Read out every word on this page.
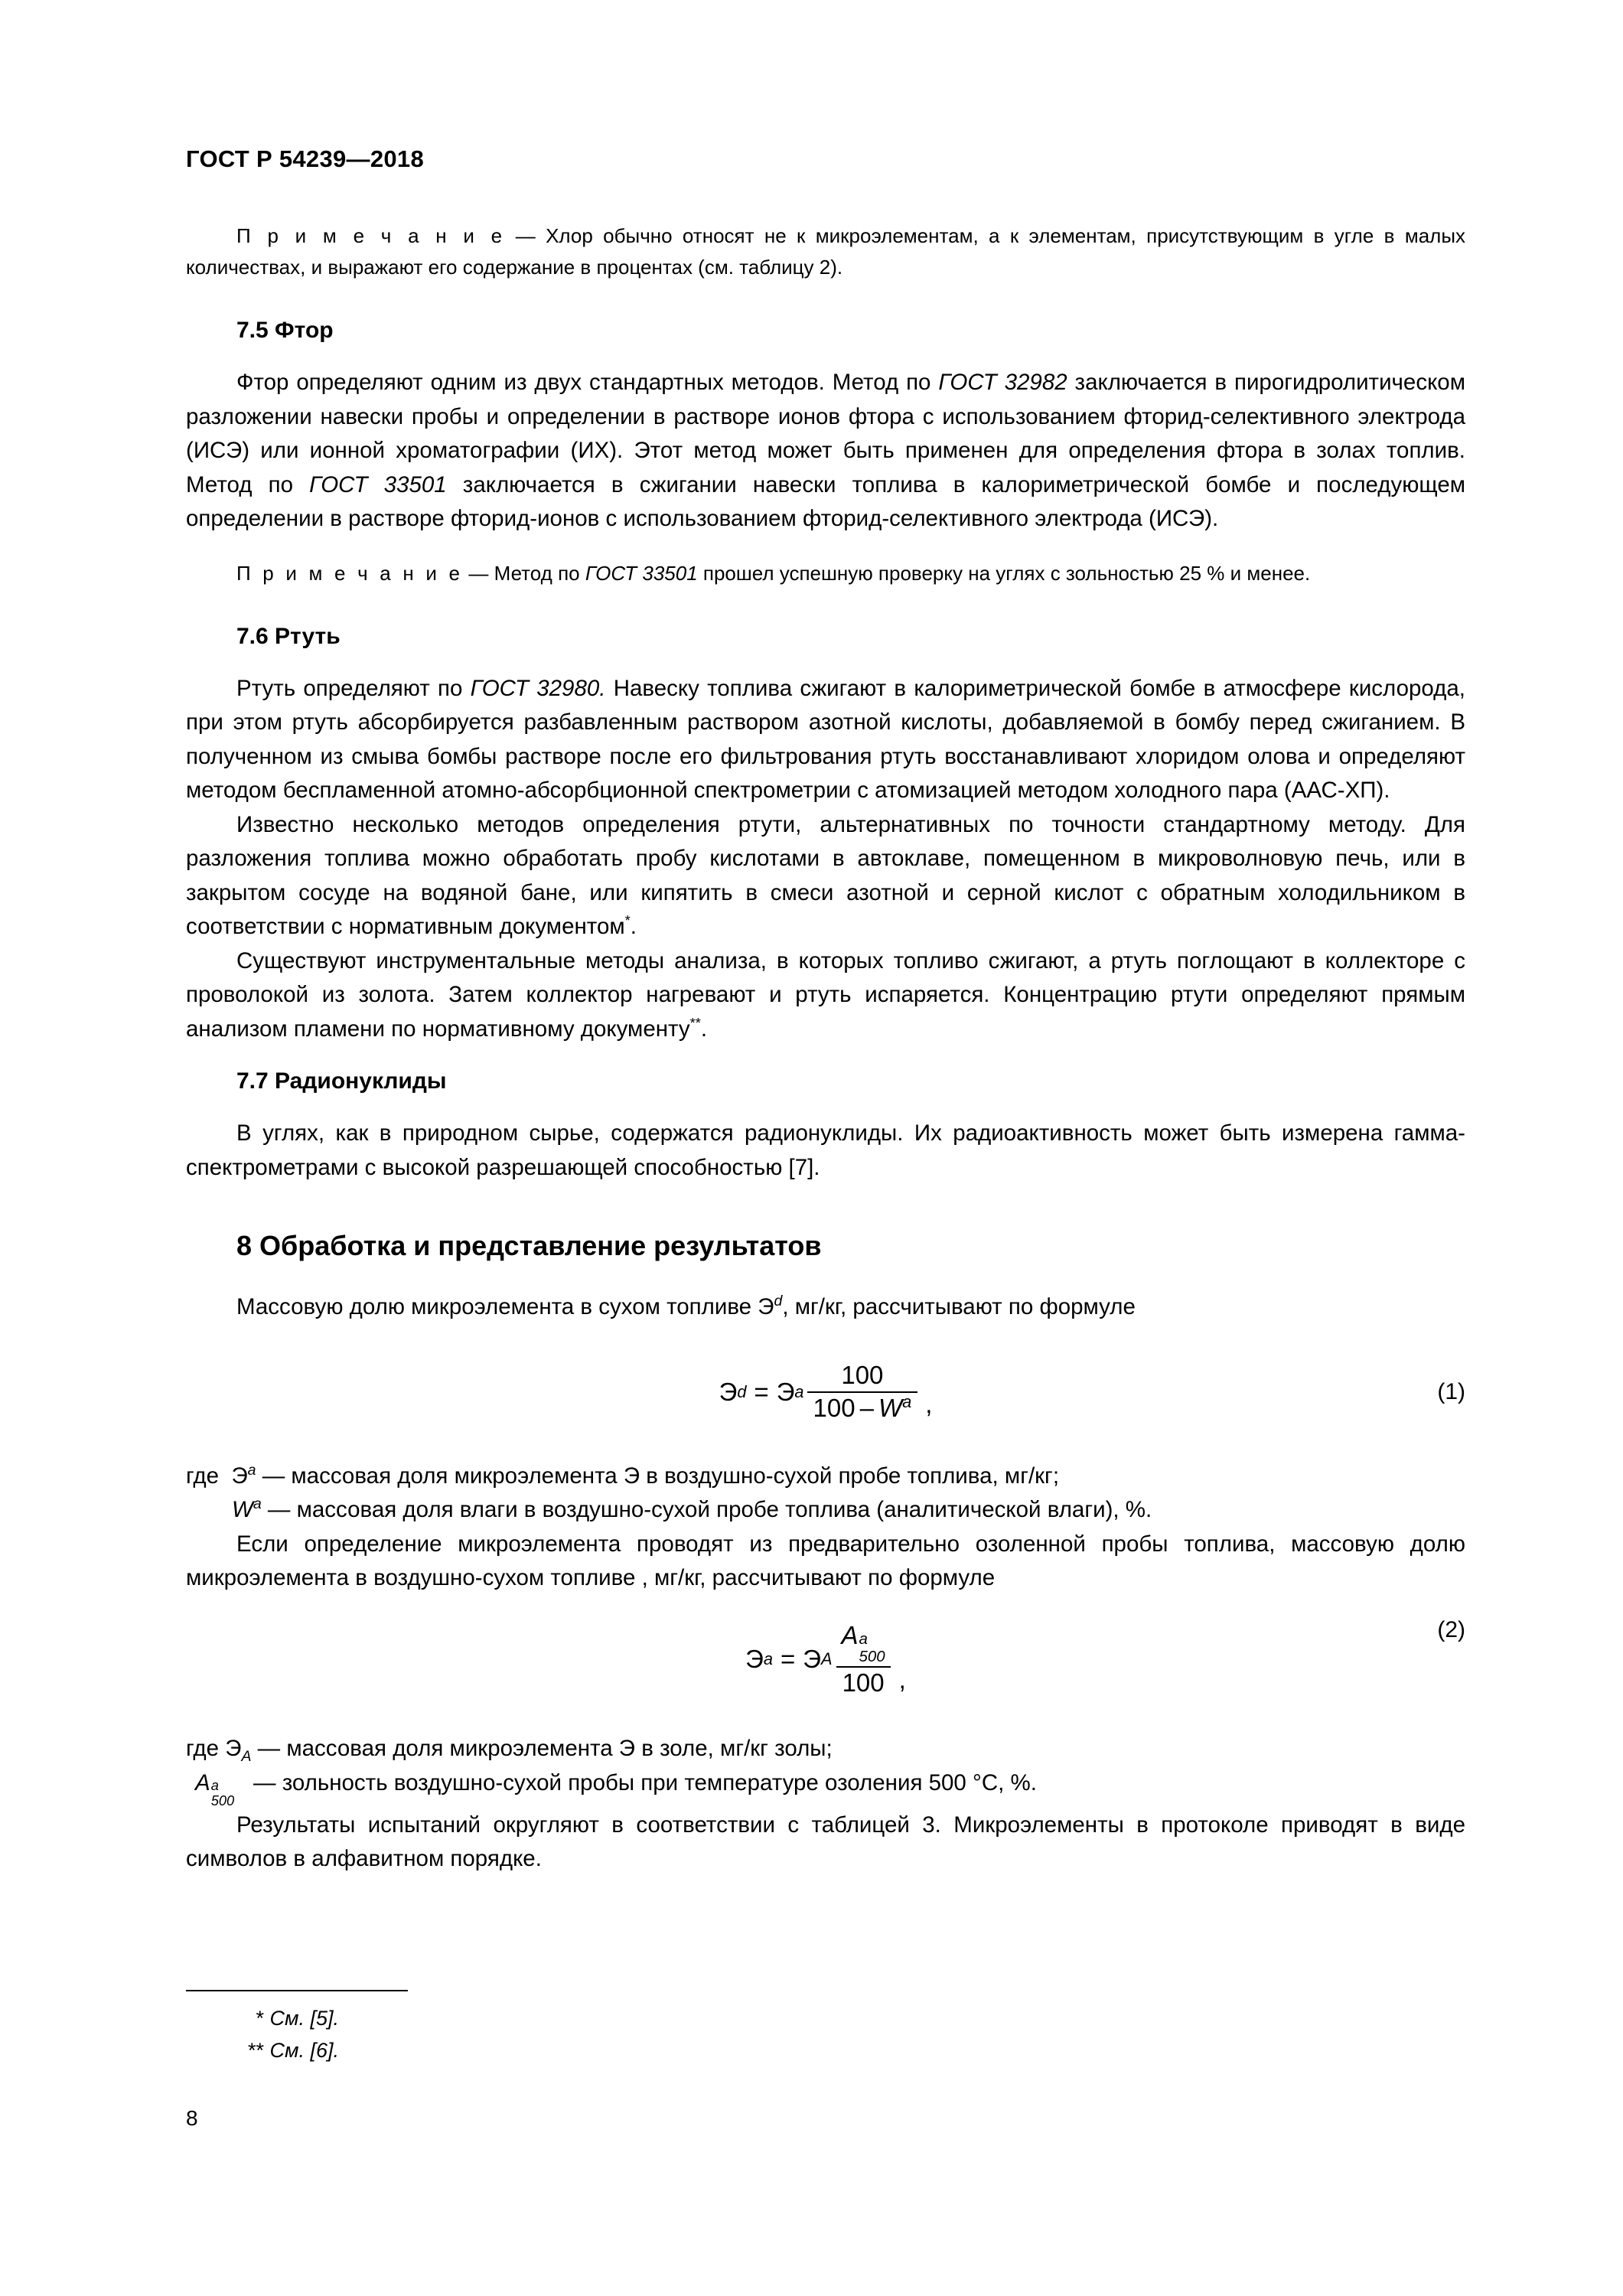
ГОСТ Р 54239—2018

П р и м е ч а н и е — Хлор обычно относят не к микроэлементам, а к элементам, присутствующим в угле в малых количествах, и выражают его содержание в процентах (см. таблицу 2).

7.5 Фтор

Фтор определяют одним из двух стандартных методов. Метод по ГОСТ 32982 заключается в пирогидролитическом разложении навески пробы и определении в растворе ионов фтора с использованием фторид-селективного электрода (ИСЭ) или ионной хроматографии (ИХ). Этот метод может быть применен для определения фтора в золах топлив. Метод по ГОСТ 33501 заключается в сжигании навески топлива в калориметрической бомбе и последующем определении в растворе фторид-ионов с использованием фторид-селективного электрода (ИСЭ).

П р и м е ч а н и е — Метод по ГОСТ 33501 прошел успешную проверку на углях с зольностью 25 % и менее.

7.6 Ртуть

Ртуть определяют по ГОСТ 32980. Навеску топлива сжигают в калориметрической бомбе в атмосфере кислорода, при этом ртуть абсорбируется разбавленным раствором азотной кислоты, добавляемой в бомбу перед сжиганием. В полученном из смыва бомбы растворе после его фильтрования ртуть восстанавливают хлоридом олова и определяют методом беспламенной атомно-абсорбционной спектрометрии с атомизацией методом холодного пара (ААС-ХП).

Известно несколько методов определения ртути, альтернативных по точности стандартному методу. Для разложения топлива можно обработать пробу кислотами в автоклаве, помещенном в микроволновую печь, или в закрытом сосуде на водяной бане, или кипятить в смеси азотной и серной кислот с обратным холодильником в соответствии с нормативным документом*.

Существуют инструментальные методы анализа, в которых топливо сжигают, а ртуть поглощают в коллекторе с проволокой из золота. Затем коллектор нагревают и ртуть испаряется. Концентрацию ртути определяют прямым анализом пламени по нормативному документу**.

7.7 Радионуклиды

В углях, как в природном сырье, содержатся радионуклиды. Их радиоактивность может быть измерена гамма-спектрометрами с высокой разрешающей способностью [7].

8 Обработка и представление результатов

Массовую долю микроэлемента в сухом топливе $Э^d$, мг/кг, рассчитывают по формуле

Э d = Э a $\frac{100}{100 - W^a}$ ,	(1)

где  $Э^a$ — массовая доля микроэлемента Э в воздушно-сухой пробе топлива, мг/кг;

$W^a$ — массовая доля влаги в воздушно-сухой пробе топлива (аналитической влаги), %.

Если определение микроэлемента проводят из предварительно озоленной пробы топлива, массовую долю микроэлемента в воздушно-сухом топливе , мг/кг, рассчитывают по формуле

Э a = Э A A a
500
100 ,
(2)

где $Э_A$ — массовая доля микроэлемента Э в золе, мг/кг золы;

A a
500
— зольность воздушно-сухой пробы при температуре озоления 500 °C, %.

Результаты испытаний округляют в соответствии с таблицей 3. Микроэлементы в протоколе приводят в виде символов в алфавитном порядке.

* См. [5].

** См. [6].

8
